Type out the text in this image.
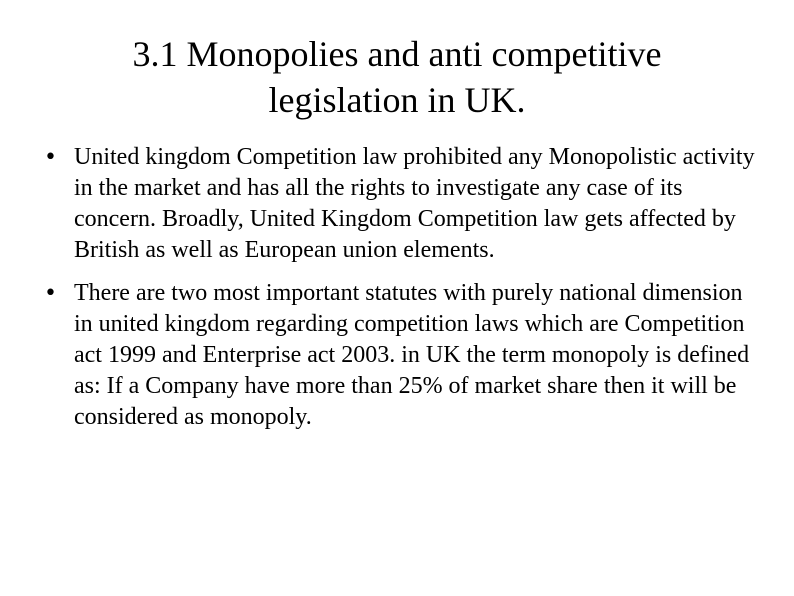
3.1 Monopolies and anti competitive legislation in UK.
• United kingdom Competition law prohibited any Monopolistic activity in the market and has all the rights to investigate any case of its concern. Broadly, United Kingdom Competition law gets affected by British as well as European union elements.
• There are two most important statutes with purely national dimension in united kingdom regarding competition laws which are Competition act 1999 and Enterprise act 2003. in UK the term monopoly is defined as: If a Company have more than 25% of market share then it will be considered as monopoly.
